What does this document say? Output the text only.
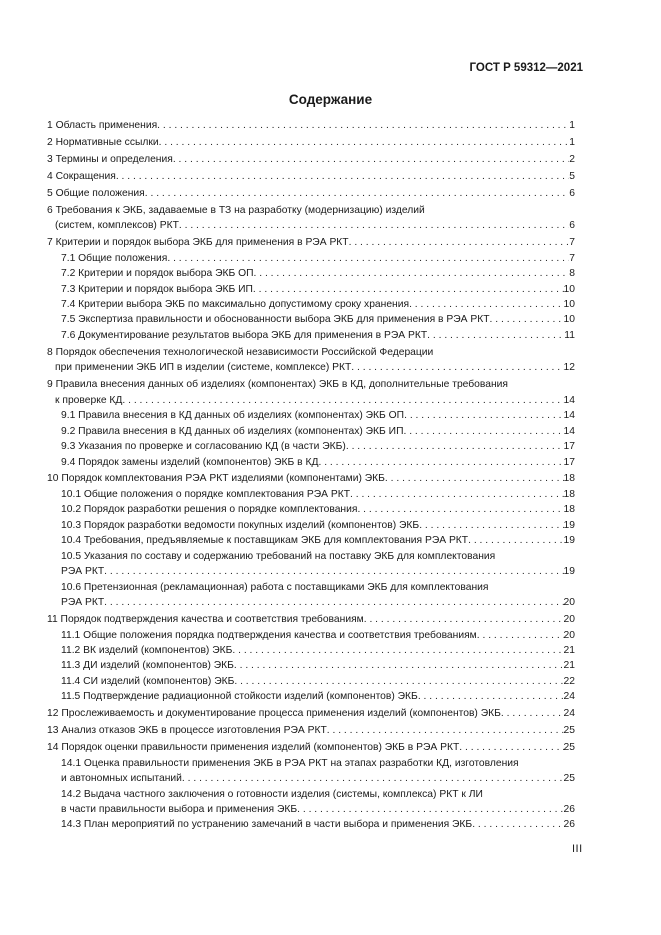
ГОСТ Р 59312—2021
Содержание
1 Область применения . . .	1
2 Нормативные ссылки . . .	1
3 Термины и определения . . .	2
4 Сокращения . . .	5
5 Общие положения . . .	6
6 Требования к ЭКБ, задаваемые в ТЗ на разработку (модернизацию) изделий
(систем, комплексов) РКТ . . .	6
7 Критерии и порядок выбора ЭКБ для применения в РЭА РКТ . . .	7
7.1 Общие положения . . .	7
7.2 Критерии и порядок выбора ЭКБ ОП . . .	8
7.3 Критерии и порядок выбора ЭКБ ИП . . .	10
7.4 Критерии выбора ЭКБ по максимально допустимому сроку хранения . . .	10
7.5 Экспертиза правильности и обоснованности выбора ЭКБ для применения в РЭА РКТ . . .	10
7.6 Документирование результатов выбора ЭКБ для применения в РЭА РКТ . . .	11
8 Порядок обеспечения технологической независимости Российской Федерации
при применении ЭКБ ИП в изделии (системе, комплексе) РКТ . . .	12
9 Правила внесения данных об изделиях (компонентах) ЭКБ в КД, дополнительные требования
к проверке КД . . .	14
9.1 Правила внесения в КД данных об изделиях (компонентах) ЭКБ ОП . . .	14
9.2 Правила внесения в КД данных об изделиях (компонентах) ЭКБ ИП . . .	14
9.3 Указания по проверке и согласованию КД (в части ЭКБ) . . .	17
9.4 Порядок замены изделий (компонентов) ЭКБ в КД . . .	17
10 Порядок комплектования РЭА РКТ изделиями (компонентами) ЭКБ . . .	18
10.1 Общие положения о порядке комплектования РЭА РКТ . . .	18
10.2 Порядок разработки решения о порядке комплектования . . .	18
10.3 Порядок разработки ведомости покупных изделий (компонентов) ЭКБ . . .	19
10.4 Требования, предъявляемые к поставщикам ЭКБ для комплектования РЭА РКТ . . .	19
10.5 Указания по составу и содержанию требований на поставку ЭКБ для комплектования
РЭА РКТ . . .	19
10.6 Претензионная (рекламационная) работа с поставщиками ЭКБ для комплектования
РЭА РКТ . . .	20
11 Порядок подтверждения качества и соответствия требованиям . . .	20
11.1 Общие положения порядка подтверждения качества и соответствия требованиям . . .	20
11.2 ВК изделий (компонентов) ЭКБ . . .	21
11.3 ДИ изделий (компонентов) ЭКБ . . .	21
11.4 СИ изделий (компонентов) ЭКБ . . .	22
11.5 Подтверждение радиационной стойкости изделий (компонентов) ЭКБ . . .	24
12 Прослеживаемость и документирование процесса применения изделий (компонентов) ЭКБ . . .	24
13 Анализ отказов ЭКБ в процессе изготовления РЭА РКТ . . .	25
14 Порядок оценки правильности применения изделий (компонентов) ЭКБ в РЭА РКТ . . .	25
14.1 Оценка правильности применения ЭКБ в РЭА РКТ на этапах разработки КД, изготовления
и автономных испытаний . . .	25
14.2 Выдача частного заключения о готовности изделия (системы, комплекса) РКТ к ЛИ
в части правильности выбора и применения ЭКБ . . .	26
14.3 План мероприятий по устранению замечаний в части выбора и применения ЭКБ . . .	26
III
